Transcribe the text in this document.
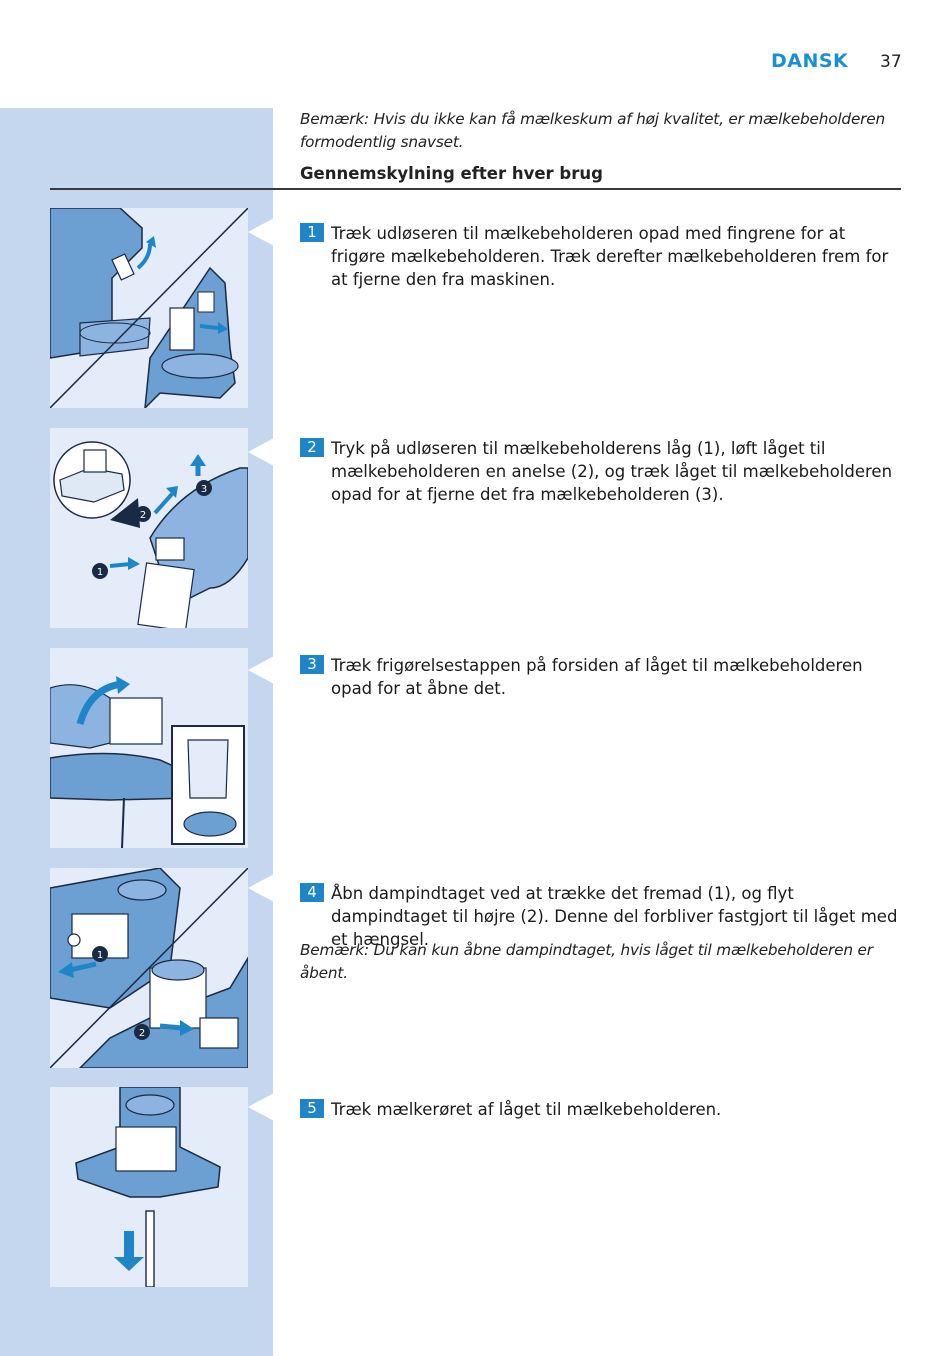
DANSK 37
Bemærk: Hvis du ikke kan få mælkeskum af høj kvalitet, er mælkebeholderen formodentlig snavset.
Gennemskylning efter hver brug
1
2
3
1
2
1 Træk udløseren til mælkebeholderen opad med fingrene for at frigøre mælkebeholderen. Træk derefter mælkebeholderen frem for at fjerne den fra maskinen.
2 Tryk på udløseren til mælkebeholderens låg (1), løft låget til mælkebeholderen en anelse (2), og træk låget til mælkebeholderen opad for at fjerne det fra mælkebeholderen (3).
3 Træk frigørelsestappen på forsiden af låget til mælkebeholderen opad for at åbne det.
4 Åbn dampindtaget ved at trække det fremad (1), og flyt dampindtaget til højre (2). Denne del forbliver fastgjort til låget med et hængsel.
Bemærk: Du kan kun åbne dampindtaget, hvis låget til mælkebeholderen er åbent.
5 Træk mælkerøret af låget til mælkebeholderen.
